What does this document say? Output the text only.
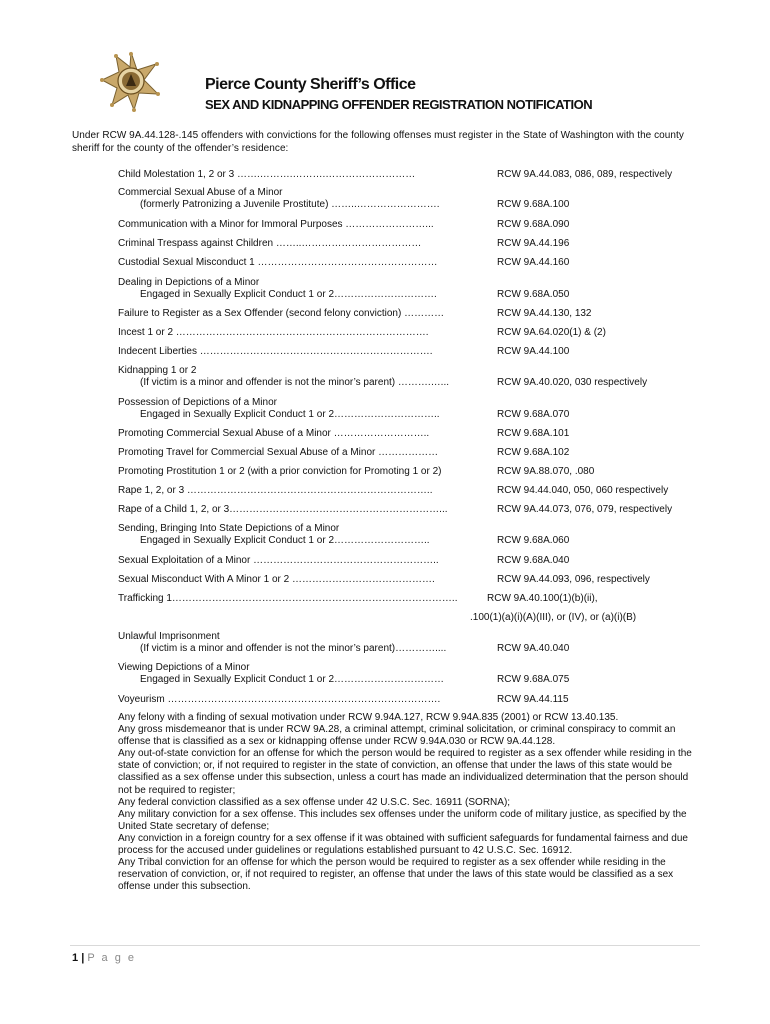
Pierce County Sheriff’s Office
SEX AND KIDNAPPING OFFENDER REGISTRATION NOTIFICATION
Under RCW 9A.44.128-.145 offenders with convictions for the following offenses must register in the State of Washington with the county sheriff for the county of the offender’s residence:
Child Molestation 1, 2 or 3 …….……….……….………………………	RCW 9A.44.083, 086, 089, respectively
Commercial Sexual Abuse of a Minor
(formerly Patronizing a Juvenile Prostitute) ……..…………………….	RCW 9.68A.100
Communication with a Minor for Immoral Purposes ……………………...	RCW 9.68A.090
Criminal Trespass against Children ……..………………………………	RCW 9A.44.196
Custodial Sexual Misconduct 1 ………………………………………………	RCW 9A.44.160
Dealing in Depictions of a Minor
Engaged in Sexually Explicit Conduct 1 or 2………………………….	RCW 9.68A.050
Failure to Register as a Sex Offender (second felony conviction) …………	RCW 9A.44.130, 132
Incest 1 or 2 ………………………………………………………………….	RCW 9A.64.020(1) & (2)
Indecent Liberties …………………………………………………………….	RCW 9A.44.100
Kidnapping 1 or 2
(If victim is a minor and offender is not the minor’s parent) ……….…...	RCW 9A.40.020, 030 respectively
Possession of Depictions of a Minor
Engaged in Sexually Explicit Conduct 1 or 2…………………………..	RCW 9.68A.070
Promoting Commercial Sexual Abuse of a Minor ………………………..	RCW 9.68A.101
Promoting Travel for Commercial Sexual Abuse of a Minor ………………	RCW 9.68A.102
Promoting Prostitution 1 or 2 (with a prior conviction for Promoting 1 or 2)	RCW 9A.88.070, .080
Rape 1, 2, or 3 ………………………………………………………………..	RCW 94.44.040, 050, 060 respectively
Rape of a Child 1, 2, or 3………………………………………………………...	RCW 9A.44.073, 076, 079, respectively
Sending, Bringing Into State Depictions of a Minor
Engaged in Sexually Explicit Conduct 1 or 2………………………..	RCW 9.68A.060
Sexual Exploitation of a Minor ………………………………………………..	RCW 9.68A.040
Sexual Misconduct With A Minor 1 or 2 …………………………………….	RCW 9A.44.093, 096, respectively
Trafficking 1…………………………………………………………………………..	RCW 9A.40.100(1)(b)(ii),
.100(1)(a)(i)(A)(III), or (IV), or (a)(i)(B)
Unlawful Imprisonment
(If victim is a minor and offender is not the minor’s parent)…………....	RCW 9A.40.040
Viewing Depictions of a Minor
Engaged in Sexually Explicit Conduct 1 or 2……………………………	RCW 9.68A.075
Voyeurism ……………………………………………………………………….	RCW 9A.44.115

Any felony with a finding of sexual motivation under RCW 9.94A.127, RCW 9.94A.835 (2001) or RCW 13.40.135.

Any gross misdemeanor that is under RCW 9A.28, a criminal attempt, criminal solicitation, or criminal conspiracy to commit an offense that is classified as a sex or kidnapping offense under RCW 9.94A.030 or RCW 9A.44.128.

Any out-of-state conviction for an offense for which the person would be required to register as a sex offender while residing in the state of conviction; or, if not required to register in the state of conviction, an offense that under the laws of this state would be classified as a sex offense under this subsection, unless a court has made an individualized determination that the person should not be required to register;

Any federal conviction classified as a sex offense under 42 U.S.C. Sec. 16911 (SORNA);

Any military conviction for a sex offense. This includes sex offenses under the uniform code of military justice, as specified by the United State secretary of defense;

Any conviction in a foreign country for a sex offense if it was obtained with sufficient safeguards for fundamental fairness and due process for the accused under guidelines or regulations established pursuant to 42 U.S.C. Sec. 16912.

Any Tribal conviction for an offense for which the person would be required to register as a sex offender while residing in the reservation of conviction, or, if not required to register, an offense that under the laws of this state would be classified as a sex offense under this subsection.

1 | P a g e
